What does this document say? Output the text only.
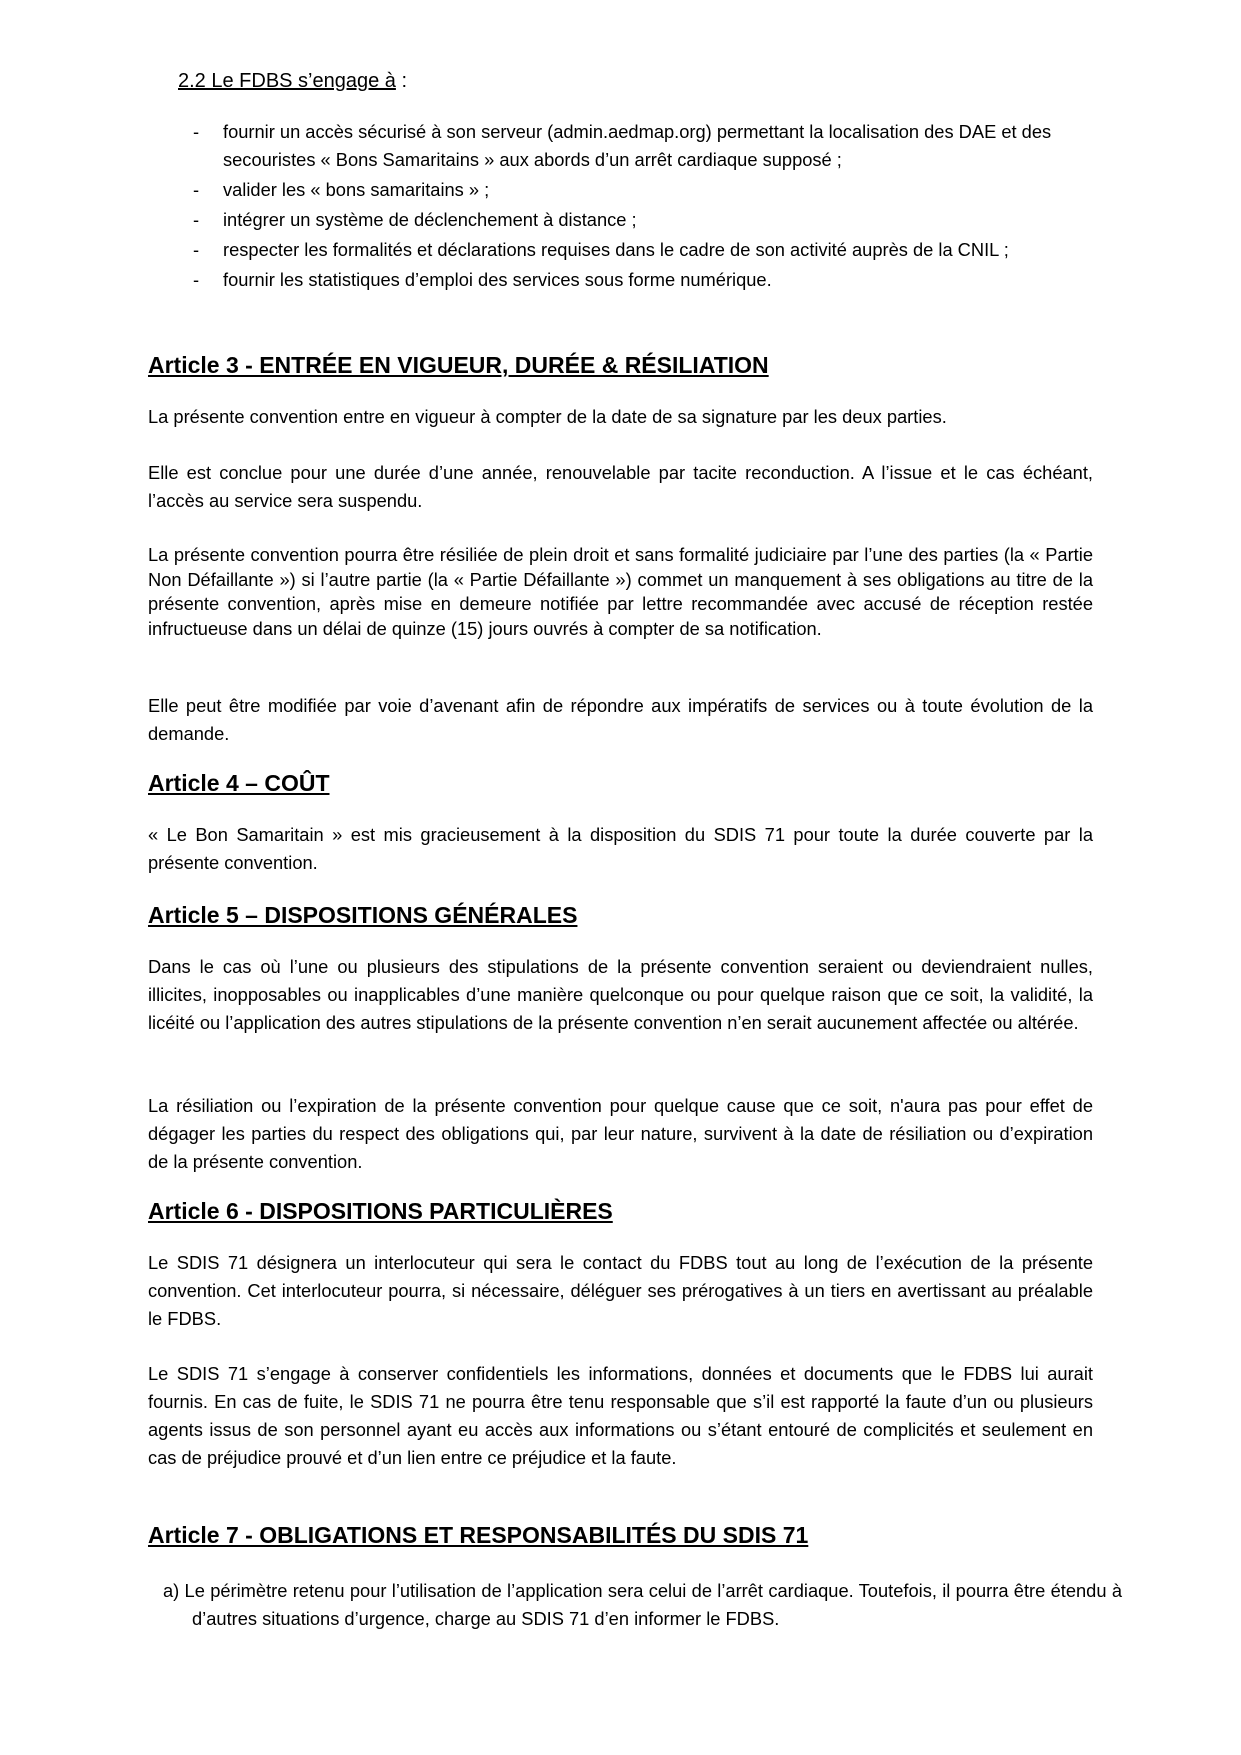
2.2 Le FDBS s’engage à :
- fournir un accès sécurisé à son serveur (admin.aedmap.org) permettant la localisation des DAE et des secouristes « Bons Samaritains » aux abords d’un arrêt cardiaque supposé ;
- valider les « bons samaritains » ;
- intégrer un système de déclenchement à distance ;
- respecter les formalités et déclarations requises dans le cadre de son activité auprès de la CNIL ;
- fournir les statistiques d’emploi des services sous forme numérique.
Article 3 - ENTRÉE EN VIGUEUR, DURÉE & RÉSILIATION

La présente convention entre en vigueur à compter de la date de sa signature par les deux parties.

Elle est conclue pour une durée d’une année, renouvelable par tacite reconduction. A l’issue et le cas échéant, l’accès au service sera suspendu.

La présente convention pourra être résiliée de plein droit et sans formalité judiciaire par l’une des parties (la « Partie Non Défaillante ») si l’autre partie (la « Partie Défaillante ») commet un manquement à ses obligations au titre de la présente convention, après mise en demeure notifiée par lettre recommandée avec accusé de réception restée infructueuse dans un délai de quinze (15) jours ouvrés à compter de sa notification.

Elle peut être modifiée par voie d’avenant afin de répondre aux impératifs de services ou à toute évolution de la demande.

Article 4 – COÛT

« Le Bon Samaritain » est mis gracieusement à la disposition du SDIS 71 pour toute la durée couverte par la présente convention.

Article 5 – DISPOSITIONS GÉNÉRALES

Dans le cas où l’une ou plusieurs des stipulations de la présente convention seraient ou deviendraient nulles, illicites, inopposables ou inapplicables d’une manière quelconque ou pour quelque raison que ce soit, la validité, la licéité ou l’application des autres stipulations de la présente convention n’en serait aucunement affectée ou altérée.

La résiliation ou l’expiration de la présente convention pour quelque cause que ce soit, n'aura pas pour effet de dégager les parties du respect des obligations qui, par leur nature, survivent à la date de résiliation ou d’expiration de la présente convention.

Article 6 - DISPOSITIONS PARTICULIÈRES

Le SDIS 71 désignera un interlocuteur qui sera le contact du FDBS tout au long de l’exécution de la présente convention. Cet interlocuteur pourra, si nécessaire, déléguer ses prérogatives à un tiers en avertissant au préalable le FDBS.

Le SDIS 71 s’engage à conserver confidentiels les informations, données et documents que le FDBS lui aurait fournis. En cas de fuite, le SDIS 71 ne pourra être tenu responsable que s’il est rapporté la faute d’un ou plusieurs agents issus de son personnel ayant eu accès aux informations ou s’étant entouré de complicités et seulement en cas de préjudice prouvé et d’un lien entre ce préjudice et la faute.

Article 7 - OBLIGATIONS ET RESPONSABILITÉS DU SDIS 71

a) Le périmètre retenu pour l’utilisation de l’application sera celui de l’arrêt cardiaque. Toutefois, il pourra être étendu à d’autres situations d’urgence, charge au SDIS 71 d’en informer le FDBS.
